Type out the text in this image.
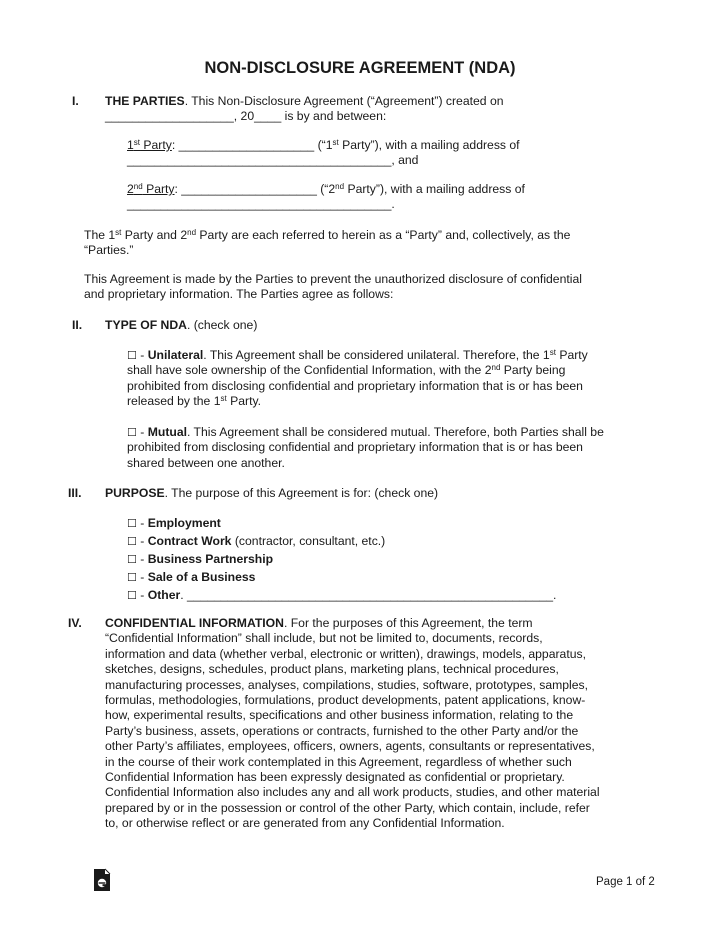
NON-DISCLOSURE AGREEMENT (NDA)
I. THE PARTIES. This Non-Disclosure Agreement (“Agreement”) created on
___________________, 20____ is by and between:
1st Party: ____________________ (“1st Party”), with a mailing address of
_______________________________________, and
2nd Party: ____________________ (“2nd Party”), with a mailing address of
_______________________________________.
The 1st Party and 2nd Party are each referred to herein as a “Party” and, collectively, as the
“Parties.”
This Agreement is made by the Parties to prevent the unauthorized disclosure of confidential
and proprietary information. The Parties agree as follows:
II. TYPE OF NDA. (check one)
☐ - Unilateral. This Agreement shall be considered unilateral. Therefore, the 1st Party
shall have sole ownership of the Confidential Information, with the 2nd Party being
prohibited from disclosing confidential and proprietary information that is or has been
released by the 1st Party.
☐ - Mutual. This Agreement shall be considered mutual. Therefore, both Parties shall be
prohibited from disclosing confidential and proprietary information that is or has been
shared between one another.
III. PURPOSE. The purpose of this Agreement is for: (check one)
☐ - Employment
☐ - Contract Work (contractor, consultant, etc.)
☐ - Business Partnership
☐ - Sale of a Business
☐ - Other. ______________________________________________________.
IV. CONFIDENTIAL INFORMATION. For the purposes of this Agreement, the term
“Confidential Information” shall include, but not be limited to, documents, records,
information and data (whether verbal, electronic or written), drawings, models, apparatus,
sketches, designs, schedules, product plans, marketing plans, technical procedures,
manufacturing processes, analyses, compilations, studies, software, prototypes, samples,
formulas, methodologies, formulations, product developments, patent applications, know-
how, experimental results, specifications and other business information, relating to the
Party’s business, assets, operations or contracts, furnished to the other Party and/or the
other Party’s affiliates, employees, officers, owners, agents, consultants or representatives,
in the course of their work contemplated in this Agreement, regardless of whether such
Confidential Information has been expressly designated as confidential or proprietary.
Confidential Information also includes any and all work products, studies, and other material
prepared by or in the possession or control of the other Party, which contain, include, refer
to, or otherwise reflect or are generated from any Confidential Information.
Page 1 of 2
